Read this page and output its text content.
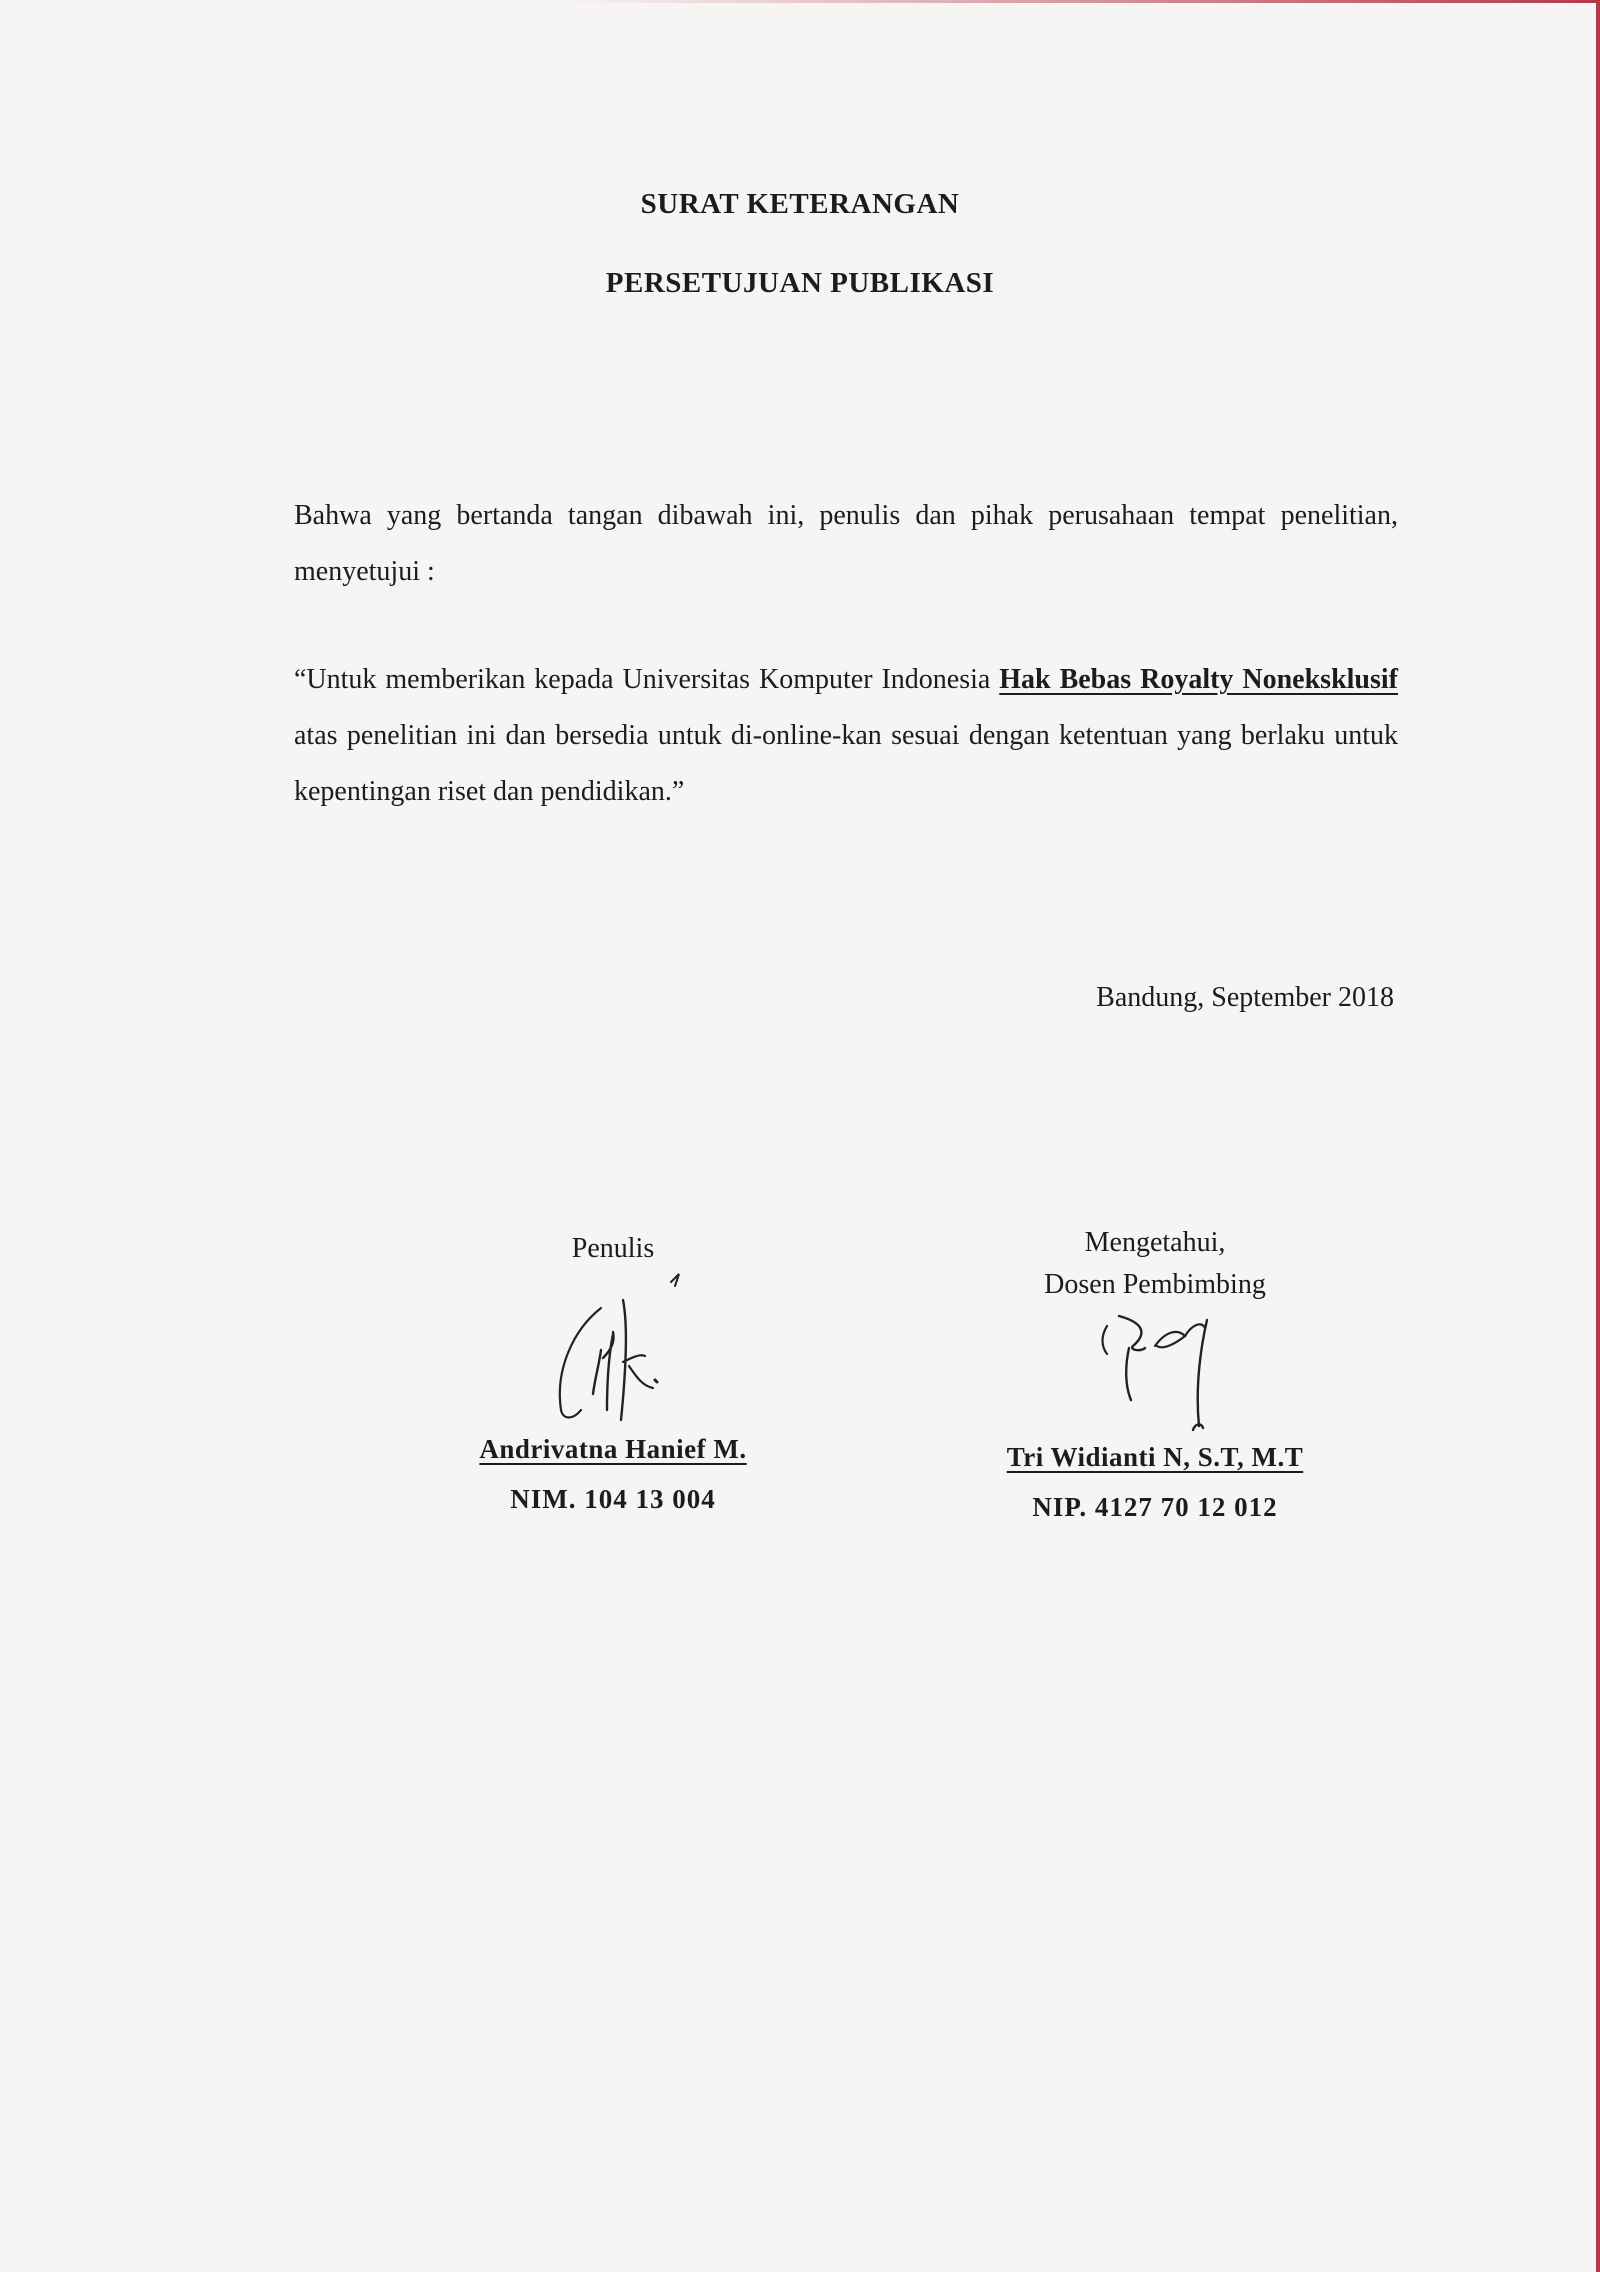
SURAT KETERANGAN
PERSETUJUAN PUBLIKASI
Bahwa yang bertanda tangan dibawah ini, penulis dan pihak perusahaan tempat penelitian, menyetujui :
“Untuk memberikan kepada Universitas Komputer Indonesia Hak Bebas Royalty Noneksklusif atas penelitian ini dan bersedia untuk di-online-kan sesuai dengan ketentuan yang berlaku untuk kepentingan riset dan pendidikan.”
Bandung, September 2018
Penulis
Andrivatna Hanief M.
NIM. 104 13 004
Mengetahui,
Dosen Pembimbing
Tri Widianti N, S.T, M.T
NIP. 4127 70 12 012
